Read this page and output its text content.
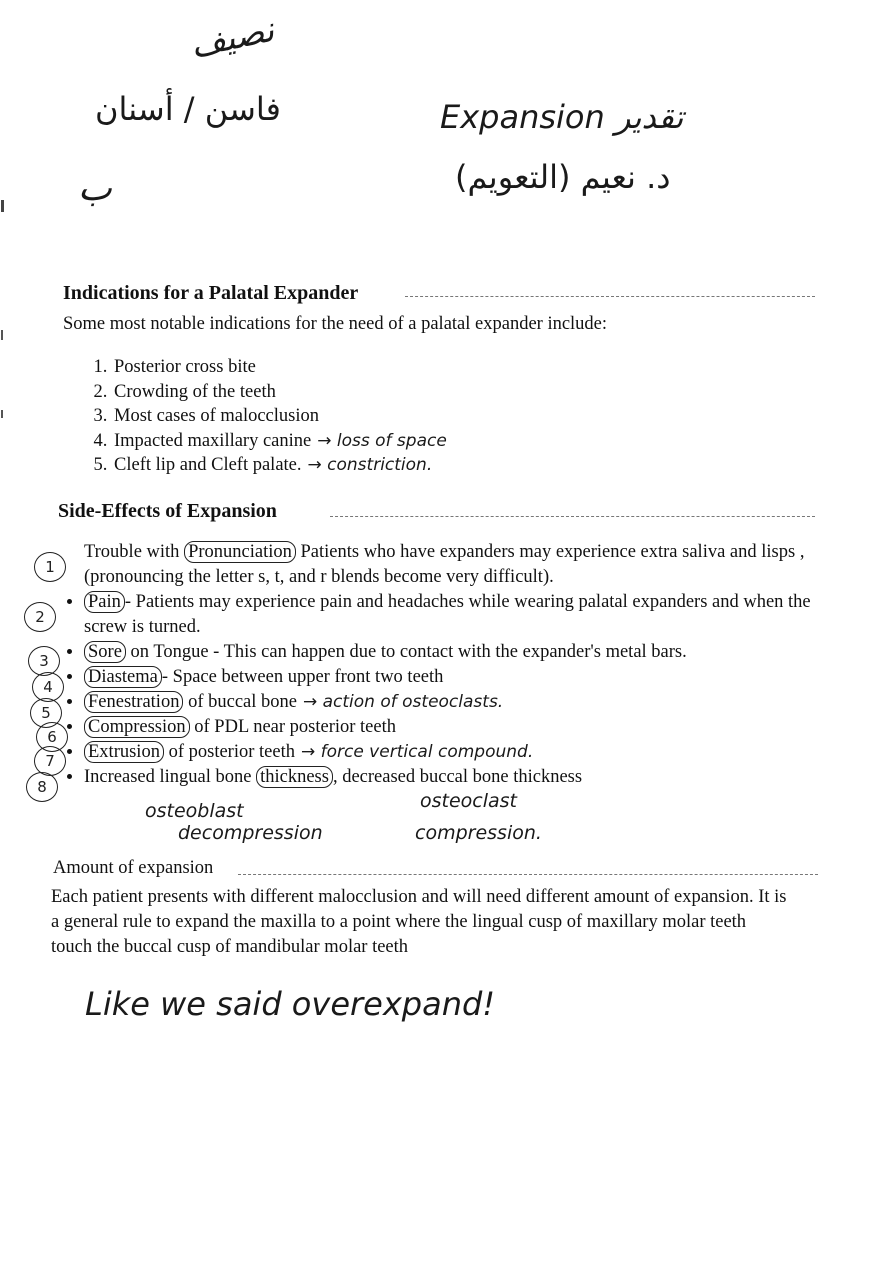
نصیف
فاسن / أسنان
ب
Expansion تقدير
د. نعيم (التعويم)
Indications for a Palatal Expander

Some most notable indications for the need of a palatal expander include:

1. Posterior cross bite
2. Crowding of the teeth
3. Most cases of malocclusion
4. Impacted maxillary canine → loss of space
5. Cleft lip and Cleft palate. → constriction.
Side-Effects of Expansion
1
2
3
4
5
6
7
8
Trouble with Pronunciation Patients who have expanders may experience extra saliva and lisps , (pronouncing the letter s, t, and r blends become very difficult).
• Pain - Patients may experience pain and headaches while wearing palatal expanders and when the screw is turned.
• Sore on Tongue - This can happen due to contact with the expander's metal bars.
• Diastema - Space between upper front two teeth
• Fenestration of buccal bone → action of osteoclasts.
• Compression of PDL near posterior teeth
• Extrusion of posterior teeth → force vertical compound.
• Increased lingual bone thickness , decreased buccal bone thickness
osteoblast
decompression
osteoclast
compression.

Amount of expansion

Each patient presents with different malocclusion and will need different amount of expansion. It is a general rule to expand the maxilla to a point where the lingual cusp of maxillary molar teeth touch the buccal cusp of mandibular molar teeth

Like we said overexpand!
